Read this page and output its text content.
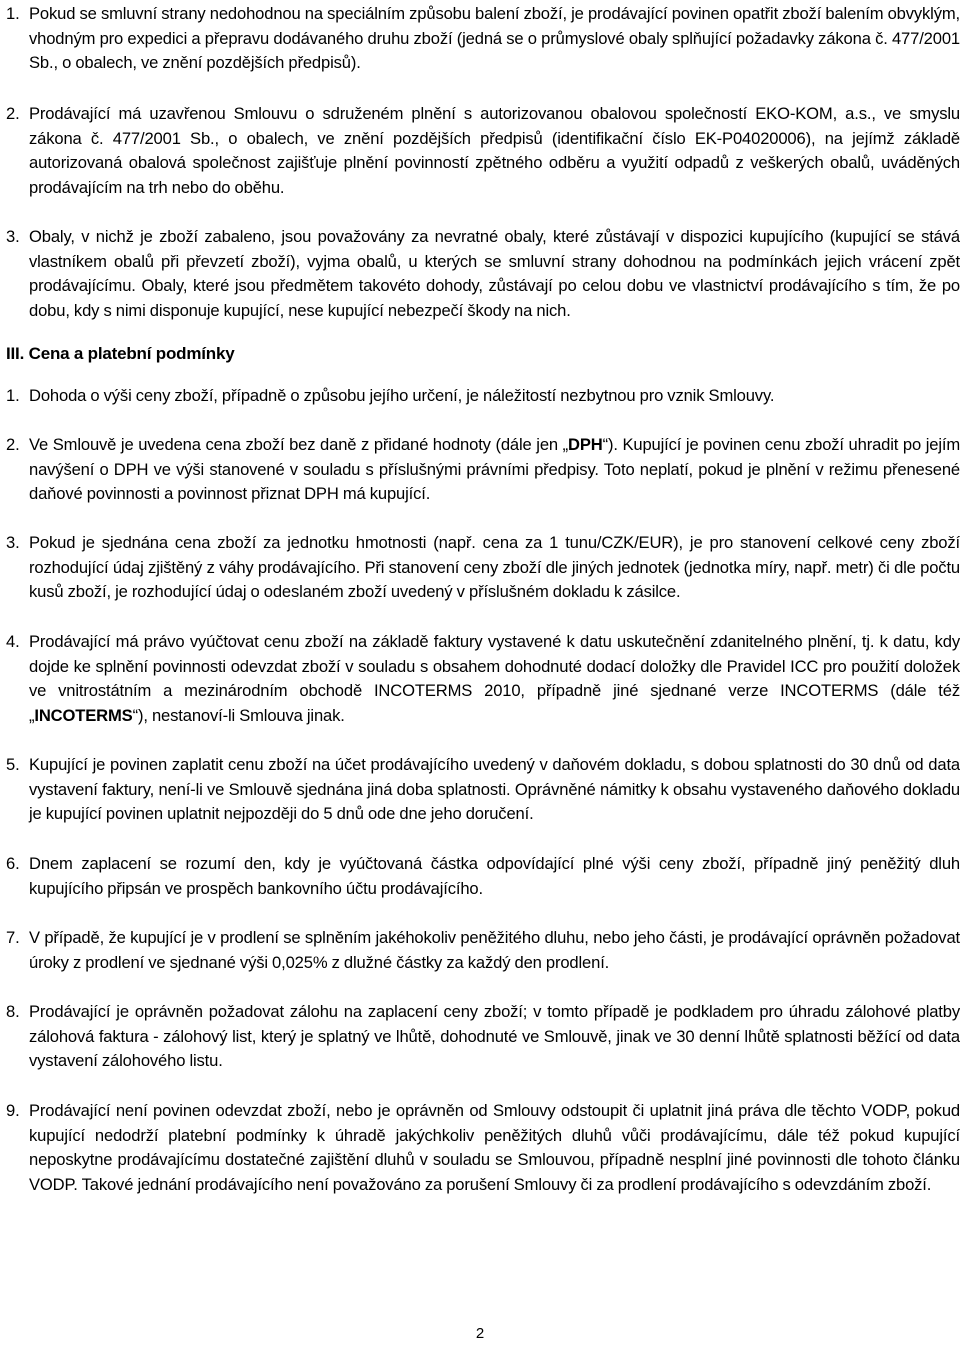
1. Pokud se smluvní strany nedohodnou na speciálním způsobu balení zboží, je prodávající povinen opatřit zboží balením obvyklým, vhodným pro expedici a přepravu dodávaného druhu zboží (jedná se o průmyslové obaly splňující požadavky zákona č. 477/2001 Sb., o obalech, ve znění pozdějších předpisů).

2. Prodávající má uzavřenou Smlouvu o sdruženém plnění s autorizovanou obalovou společností EKO-KOM, a.s., ve smyslu zákona č. 477/2001 Sb., o obalech, ve znění pozdějších předpisů (identifikační číslo EK-P04020006), na jejímž základě autorizovaná obalová společnost zajišťuje plnění povinností zpětného odběru a využití odpadů z veškerých obalů, uváděných prodávajícím na trh nebo do oběhu.

3. Obaly, v nichž je zboží zabaleno, jsou považovány za nevratné obaly, které zůstávají v dispozici kupujícího (kupující se stává vlastníkem obalů při převzetí zboží), vyjma obalů, u kterých se smluvní strany dohodnou na podmínkách jejich vrácení zpět prodávajícímu. Obaly, které jsou předmětem takovéto dohody, zůstávají po celou dobu ve vlastnictví prodávajícího s tím, že po dobu, kdy s nimi disponuje kupující, nese kupující nebezpečí škody na nich.

III. Cena a platební podmínky

1. Dohoda o výši ceny zboží, případně o způsobu jejího určení, je náležitostí nezbytnou pro vznik Smlouvy.

2. Ve Smlouvě je uvedena cena zboží bez daně z přidané hodnoty (dále jen „DPH“). Kupující je povinen cenu zboží uhradit po jejím navýšení o DPH ve výši stanovené v souladu s příslušnými právními předpisy. Toto neplatí, pokud je plnění v režimu přenesené daňové povinnosti a povinnost přiznat DPH má kupující.

3. Pokud je sjednána cena zboží za jednotku hmotnosti (např. cena za 1 tunu/CZK/EUR), je pro stanovení celkové ceny zboží rozhodující údaj zjištěný z váhy prodávajícího. Při stanovení ceny zboží dle jiných jednotek (jednotka míry, např. metr) či dle počtu kusů zboží, je rozhodující údaj o odeslaném zboží uvedený v příslušném dokladu k zásilce.

4. Prodávající má právo vyúčtovat cenu zboží na základě faktury vystavené k datu uskutečnění zdanitelného plnění, tj. k datu, kdy dojde ke splnění povinnosti odevzdat zboží v souladu s obsahem dohodnuté dodací doložky dle Pravidel ICC pro použití doložek ve vnitrostátním a mezinárodním obchodě INCOTERMS 2010, případně jiné sjednané verze INCOTERMS (dále též „INCOTERMS“), nestanoví-li Smlouva jinak.

5. Kupující je povinen zaplatit cenu zboží na účet prodávajícího uvedený v daňovém dokladu, s dobou splatnosti do 30 dnů od data vystavení faktury, není-li ve Smlouvě sjednána jiná doba splatnosti. Oprávněné námitky k obsahu vystaveného daňového dokladu je kupující povinen uplatnit nejpozději do 5 dnů ode dne jeho doručení.

6. Dnem zaplacení se rozumí den, kdy je vyúčtovaná částka odpovídající plné výši ceny zboží, případně jiný peněžitý dluh kupujícího připsán ve prospěch bankovního účtu prodávajícího.

7. V případě, že kupující je v prodlení se splněním jakéhokoliv peněžitého dluhu, nebo jeho části, je prodávající oprávněn požadovat úroky z prodlení ve sjednané výši 0,025% z dlužné částky za každý den prodlení.

8. Prodávající je oprávněn požadovat zálohu na zaplacení ceny zboží; v tomto případě je podkladem pro úhradu zálohové platby zálohová faktura - zálohový list, který je splatný ve lhůtě, dohodnuté ve Smlouvě, jinak ve 30 denní lhůtě splatnosti běžící od data vystavení zálohového listu.

9. Prodávající není povinen odevzdat zboží, nebo je oprávněn od Smlouvy odstoupit či uplatnit jiná práva dle těchto VODP, pokud kupující nedodrží platební podmínky k úhradě jakýchkoliv peněžitých dluhů vůči prodávajícímu, dále též pokud kupující neposkytne prodávajícímu dostatečné zajištění dluhů v souladu se Smlouvou, případně nesplní jiné povinnosti dle tohoto článku VODP. Takové jednání prodávajícího není považováno za porušení Smlouvy či za prodlení prodávajícího s odevzdáním zboží.

2
